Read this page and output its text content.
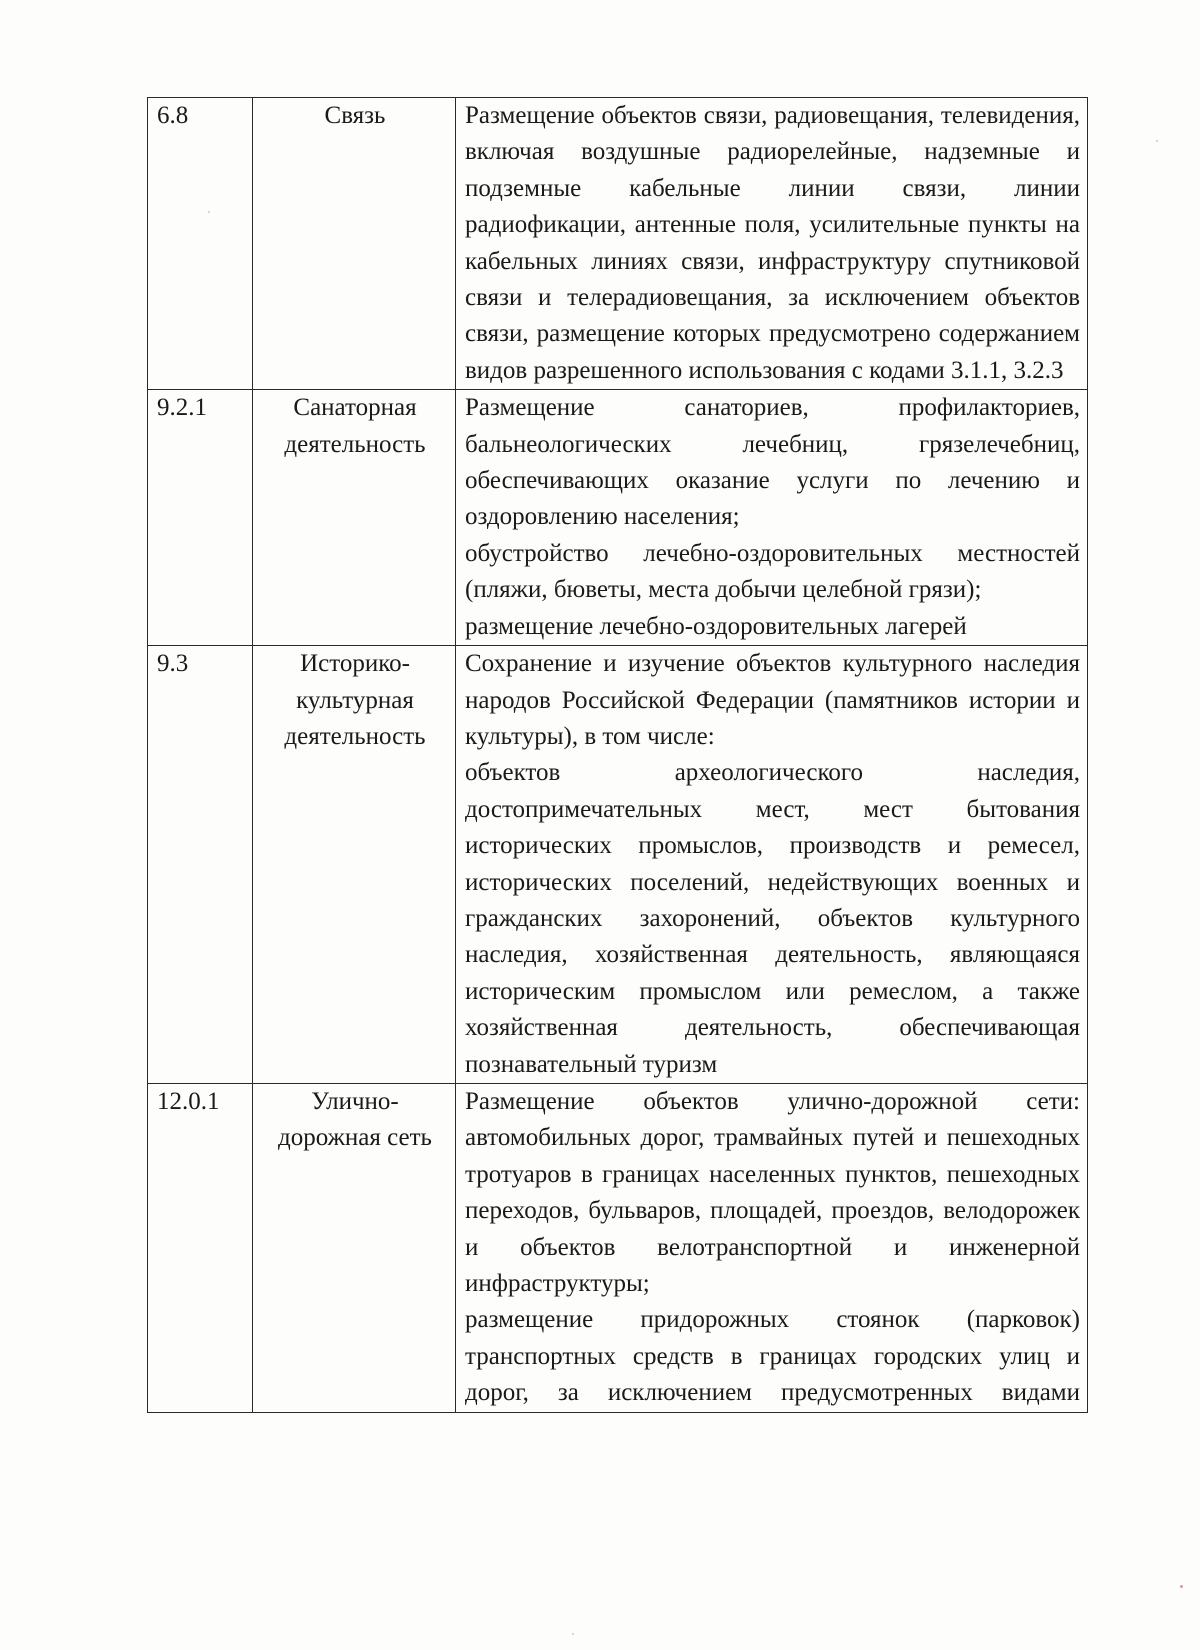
6.8	Связь	Размещение объектов связи, радиовещания, телевидения, включая воздушные радиорелейные, надземные и подземные кабельные линии связи, линии радиофикации, антенные поля, усилительные пункты на кабельных линиях связи, инфраструктуру спутниковой связи и телерадиовещания, за исключением объектов связи, размещение которых предусмотрено содержанием видов разрешенного использования с кодами 3.1.1, 3.2.3

9.2.1	Санаторная деятельность	Размещение санаториев, профилакториев, бальнеологических лечебниц, грязелечебниц, обеспечивающих оказание услуги по лечению и оздоровлению населения;
обустройство лечебно-оздоровительных местностей (пляжи, бюветы, места добычи целебной грязи);
размещение лечебно-оздоровительных лагерей

9.3	Историко-культурная деятельность	Сохранение и изучение объектов культурного наследия народов Российской Федерации (памятников истории и культуры), в том числе:
объектов археологического наследия, достопримечательных мест, мест бытования исторических промыслов, производств и ремесел, исторических поселений, недействующих военных и гражданских захоронений, объектов культурного наследия, хозяйственная деятельность, являющаяся историческим промыслом или ремеслом, а также хозяйственная деятельность, обеспечивающая познавательный туризм

12.0.1	Улично-дорожная сеть	Размещение объектов улично-дорожной сети: автомобильных дорог, трамвайных путей и пешеходных тротуаров в границах населенных пунктов, пешеходных переходов, бульваров, площадей, проездов, велодорожек и объектов велотранспортной и инженерной инфраструктуры;
размещение придорожных стоянок (парковок) транспортных средств в границах городских улиц и дорог, за исключением предусмотренных видами
